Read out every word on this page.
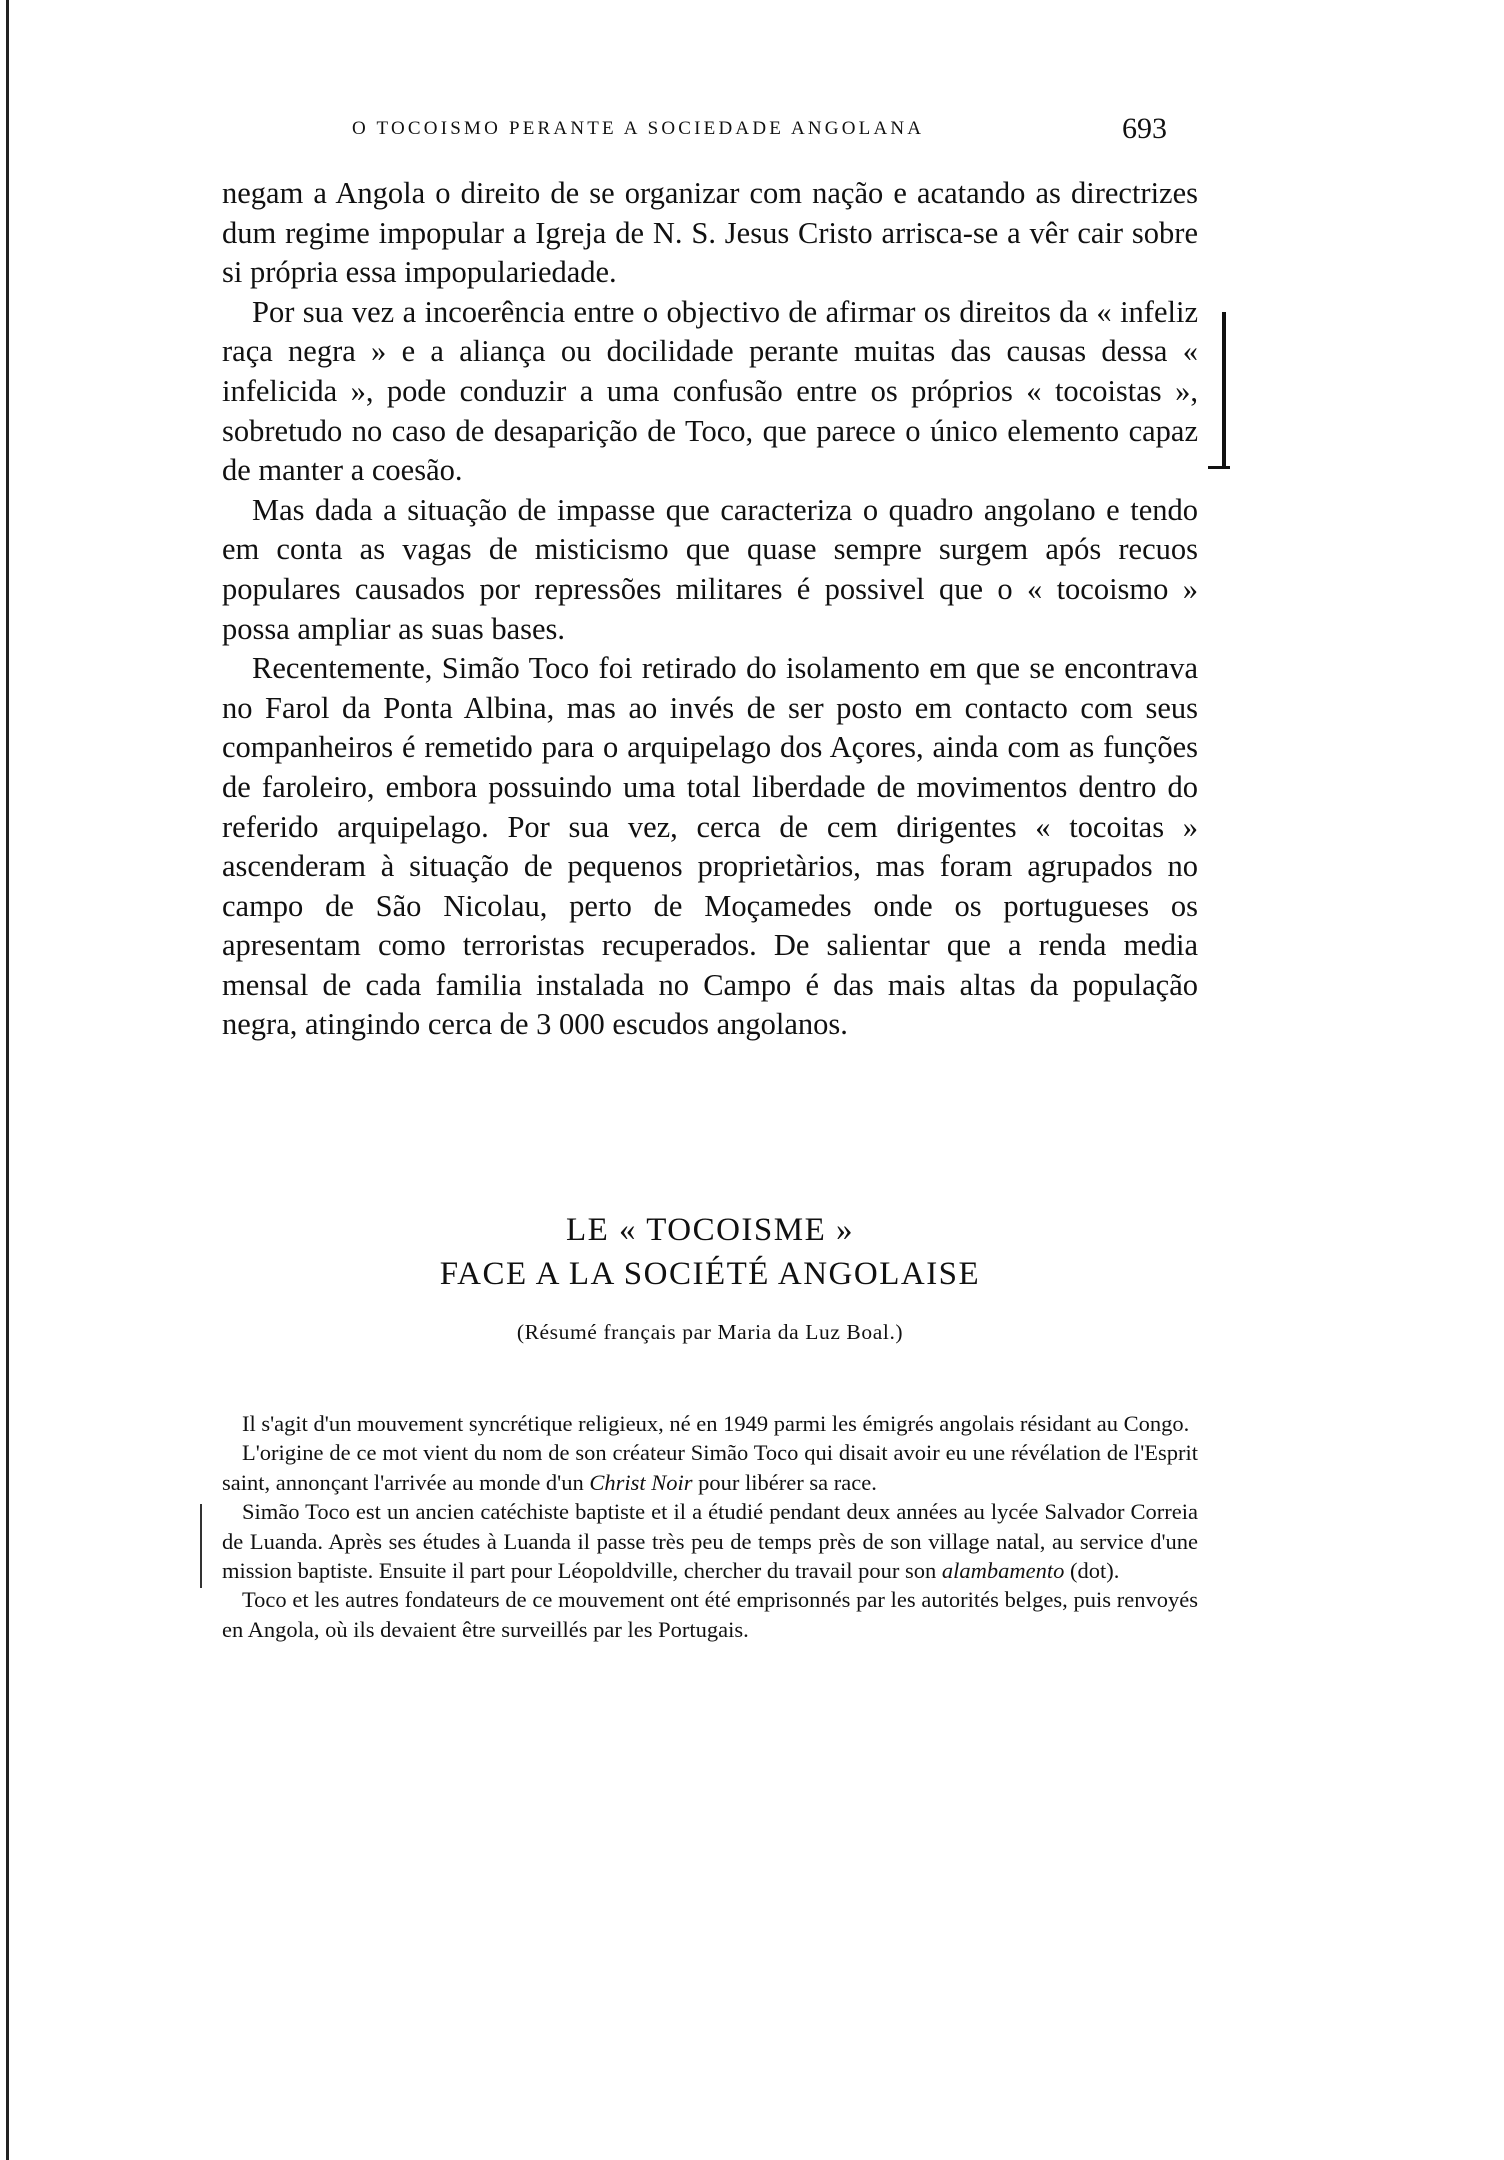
O TOCOISMO PERANTE A SOCIEDADE ANGOLANA	693

negam a Angola o direito de se organizar com nação e acatando as directrizes dum regime impopular a Igreja de N. S. Jesus Cristo arrisca-se a vêr cair sobre si própria essa impopulariedade.

Por sua vez a incoerência entre o objectivo de afirmar os direitos da « infeliz raça negra » e a aliança ou docilidade perante muitas das causas dessa « infelicida », pode conduzir a uma confusão entre os próprios « tocoistas », sobretudo no caso de desaparição de Toco, que parece o único elemento capaz de manter a coesão.

Mas dada a situação de impasse que caracteriza o quadro angolano e tendo em conta as vagas de misticismo que quase sempre surgem após recuos populares causados por repressões militares é possivel que o « tocoismo » possa ampliar as suas bases.

Recentemente, Simão Toco foi retirado do isolamento em que se encontrava no Farol da Ponta Albina, mas ao invés de ser posto em contacto com seus companheiros é remetido para o arquipelago dos Açores, ainda com as funções de faroleiro, embora possuindo uma total liberdade de movimentos dentro do referido arquipelago. Por sua vez, cerca de cem dirigentes « tocoitas » ascenderam à situação de pequenos proprietàrios, mas foram agrupados no campo de São Nicolau, perto de Moçamedes onde os portugueses os apresentam como terroristas recuperados. De salientar que a renda media mensal de cada familia instalada no Campo é das mais altas da população negra, atingindo cerca de 3 000 escudos angolanos.

LE « TOCOISME »
FACE A LA SOCIÉTÉ ANGOLAISE
(Résumé français par Maria da Luz Boal.)

Il s'agit d'un mouvement syncrétique religieux, né en 1949 parmi les émigrés angolais résidant au Congo.

L'origine de ce mot vient du nom de son créateur Simão Toco qui disait avoir eu une révélation de l'Esprit saint, annonçant l'arrivée au monde d'un Christ Noir pour libérer sa race.

Simão Toco est un ancien catéchiste baptiste et il a étudié pendant deux années au lycée Salvador Correia de Luanda. Après ses études à Luanda il passe très peu de temps près de son village natal, au service d'une mission baptiste. Ensuite il part pour Léopoldville, chercher du travail pour son alambamento (dot).

Toco et les autres fondateurs de ce mouvement ont été emprisonnés par les autorités belges, puis renvoyés en Angola, où ils devaient être surveillés par les Portugais.
